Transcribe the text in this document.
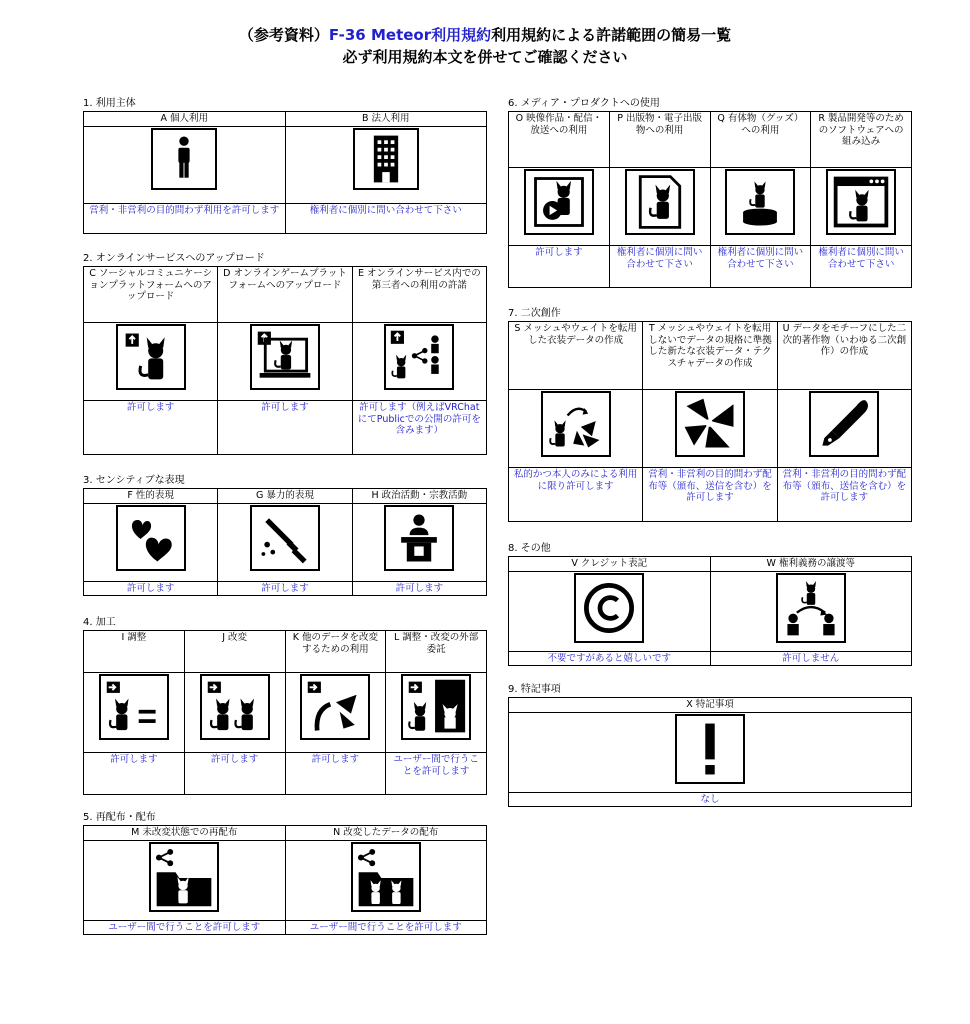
（参考資料）F-36 Meteor利用規約利用規約による許諾範囲の簡易一覧
必ず利用規約本文を併せてご確認ください
1. 利用主体
A 個人利用	B 法人利用

営利・非営利の目的問わず利用を許可します	権利者に個別に問い合わせて下さい
2. オンラインサービスへのアップロード
C ソーシャルコミュニケーションプラットフォームへのアップロード	D オンラインゲームプラットフォームへのアップロード	E オンラインサービス内での第三者への利用の許諾

許可します	許可します	許可します（例えばVRChatにてPublicでの公開の許可を含みます）
3. センシティブな表現
F 性的表現	G 暴力的表現	H 政治活動・宗教活動

許可します	許可します	許可します
4. 加工
I 調整	J 改変	K 他のデータを改変するための利用	L 調整・改変の外部委託

許可します	許可します	許可します	ユーザー間で行うことを許可します
5. 再配布・配布
M 未改変状態での再配布	N 改変したデータの配布

ユーザー間で行うことを許可します	ユーザー間で行うことを許可します
6. メディア・プロダクトへの使用
O 映像作品・配信・放送への利用	P 出版物・電子出版物への利用	Q 有体物（グッズ）への利用	R 製品開発等のためのソフトウェアへの組み込み

許可します	権利者に個別に問い合わせて下さい	権利者に個別に問い合わせて下さい	権利者に個別に問い合わせて下さい
7. 二次創作
S メッシュやウェイトを転用した衣装データの作成	T メッシュやウェイトを転用しないでデータの規格に準拠した新たな衣装データ・テクスチャデータの作成	U データをモチーフにした二次的著作物（いわゆる二次創作）の作成

私的かつ本人のみによる利用に限り許可します	営利・非営利の目的問わず配布等（頒布、送信を含む）を許可します	営利・非営利の目的問わず配布等（頒布、送信を含む）を許可します
8. その他
V クレジット表記	W 権利義務の譲渡等

不要ですがあると嬉しいです	許可しません
9. 特記事項
X 特記事項

なし
